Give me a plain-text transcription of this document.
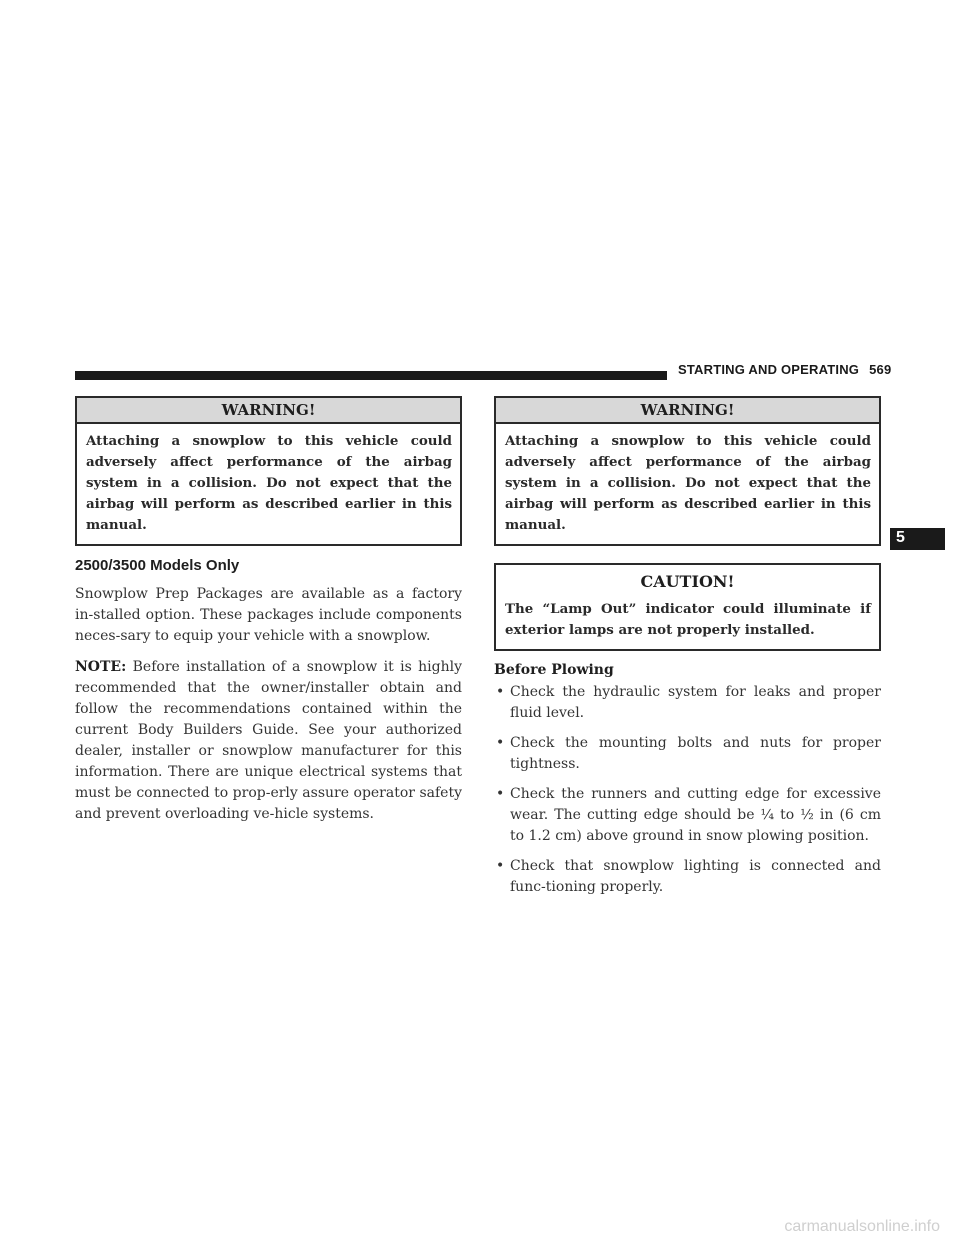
STARTING AND OPERATING 569
5
WARNING!
Attaching a snowplow to this vehicle could adversely affect performance of the airbag system in a collision. Do not expect that the airbag will perform as described earlier in this manual.
2500/3500 Models Only
Snowplow Prep Packages are available as a factory in-stalled option. These packages include components neces-sary to equip your vehicle with a snowplow.
NOTE: Before installation of a snowplow it is highly recommended that the owner/installer obtain and follow the recommendations contained within the current Body Builders Guide. See your authorized dealer, installer or snowplow manufacturer for this information. There are unique electrical systems that must be connected to prop-erly assure operator safety and prevent overloading ve-hicle systems.
WARNING!
Attaching a snowplow to this vehicle could adversely affect performance of the airbag system in a collision. Do not expect that the airbag will perform as described earlier in this manual.
CAUTION!
The “Lamp Out” indicator could illuminate if exterior lamps are not properly installed.
Before Plowing
• Check the hydraulic system for leaks and proper fluid level.
• Check the mounting bolts and nuts for proper tightness.
• Check the runners and cutting edge for excessive wear. The cutting edge should be ¼ to ½ in (6 cm to 1.2 cm) above ground in snow plowing position.
• Check that snowplow lighting is connected and func-tioning properly.
carmanualsonline.info
